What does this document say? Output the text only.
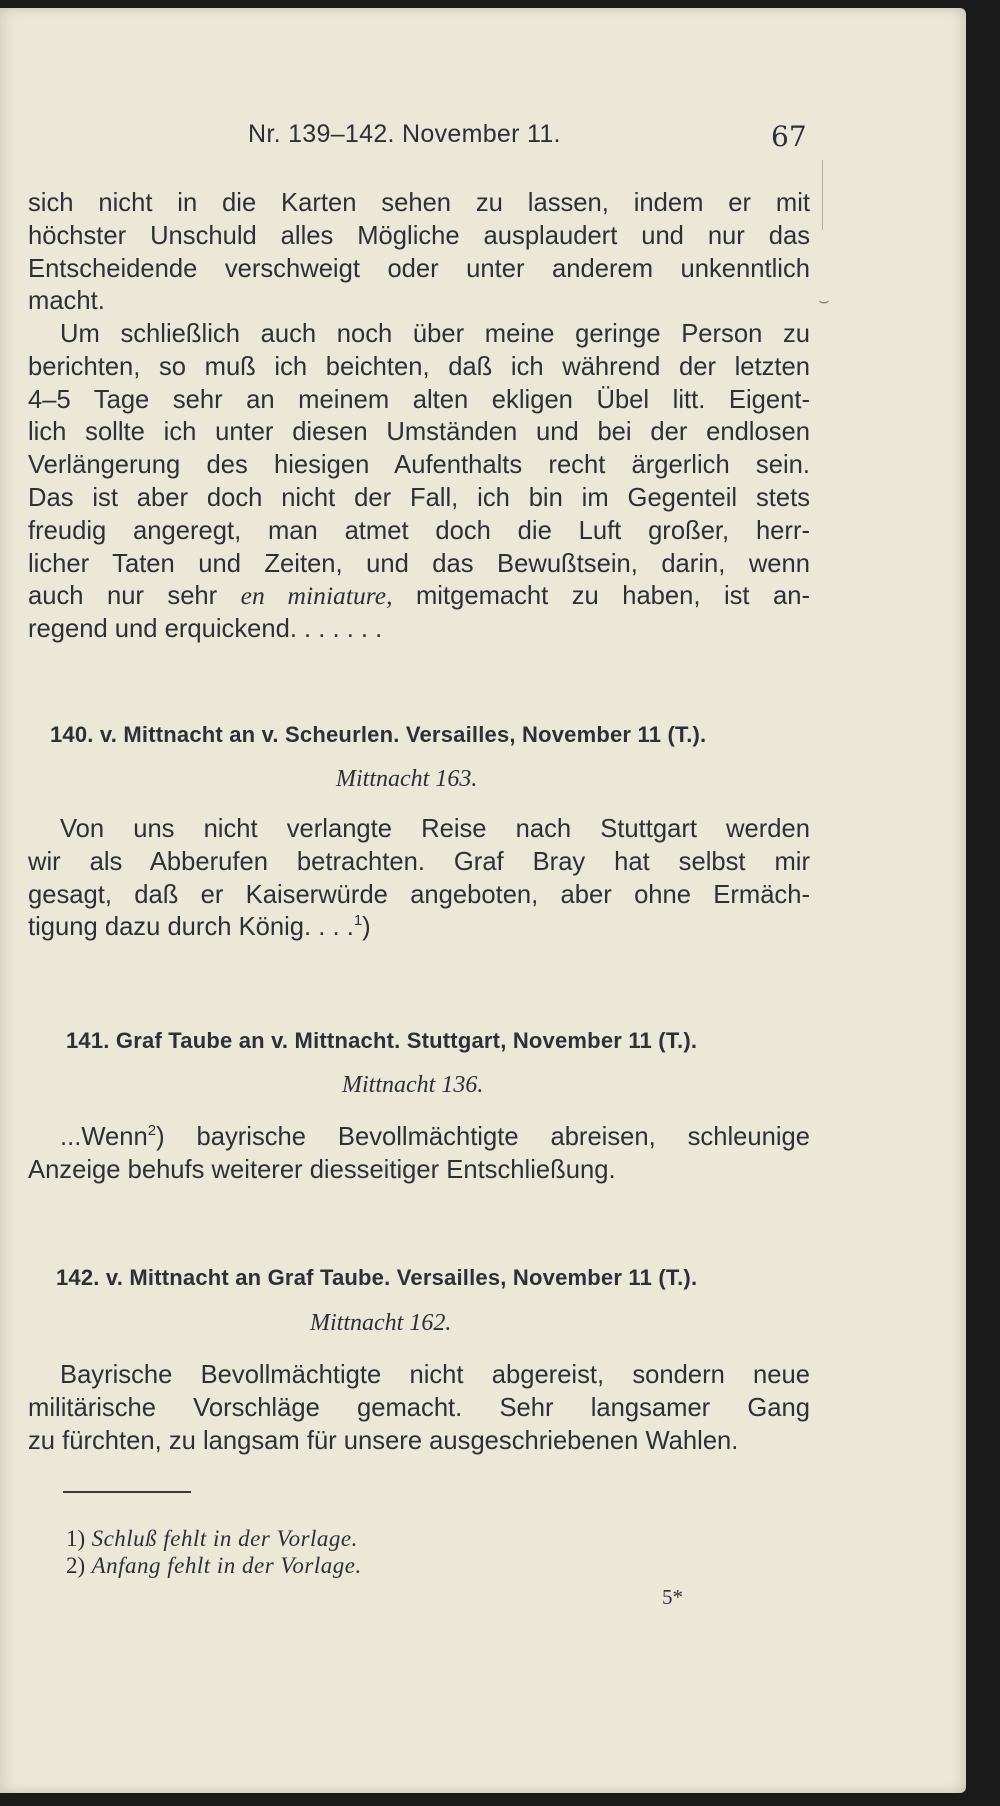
Nr. 139–142. November 11.	67
sich nicht in die Karten sehen zu lassen, indem er mit
höchster Unschuld alles Mögliche ausplaudert und nur das
Entscheidende verschweigt oder unter anderem unkenntlich
macht.
Um schließlich auch noch über meine geringe Person zu
berichten, so muß ich beichten, daß ich während der letzten
4–5 Tage sehr an meinem alten ekligen Übel litt. Eigent-
lich sollte ich unter diesen Umständen und bei der endlosen
Verlängerung des hiesigen Aufenthalts recht ärgerlich sein.
Das ist aber doch nicht der Fall, ich bin im Gegenteil stets
freudig angeregt, man atmet doch die Luft großer, herr-
licher Taten und Zeiten, und das Bewußtsein, darin, wenn
auch nur sehr en miniature, mitgemacht zu haben, ist an-
regend und erquickend. . . . . . .
140. v. Mittnacht an v. Scheurlen. Versailles, November 11 (T.).
Mittnacht 163.
Von uns nicht verlangte Reise nach Stuttgart werden
wir als Abberufen betrachten. Graf Bray hat selbst mir
gesagt, daß er Kaiserwürde angeboten, aber ohne Ermäch-
tigung dazu durch König. . . .$^1$)
141. Graf Taube an v. Mittnacht. Stuttgart, November 11 (T.).
Mittnacht 136.
...Wenn$^2$) bayrische Bevollmächtigte abreisen, schleunige
Anzeige behufs weiterer diesseitiger Entschließung.
142. v. Mittnacht an Graf Taube. Versailles, November 11 (T.).
Mittnacht 162.
Bayrische Bevollmächtigte nicht abgereist, sondern neue
militärische Vorschläge gemacht. Sehr langsamer Gang
zu fürchten, zu langsam für unsere ausgeschriebenen Wahlen.
1) Schluß fehlt in der Vorlage.
2) Anfang fehlt in der Vorlage.
5*
⌣
